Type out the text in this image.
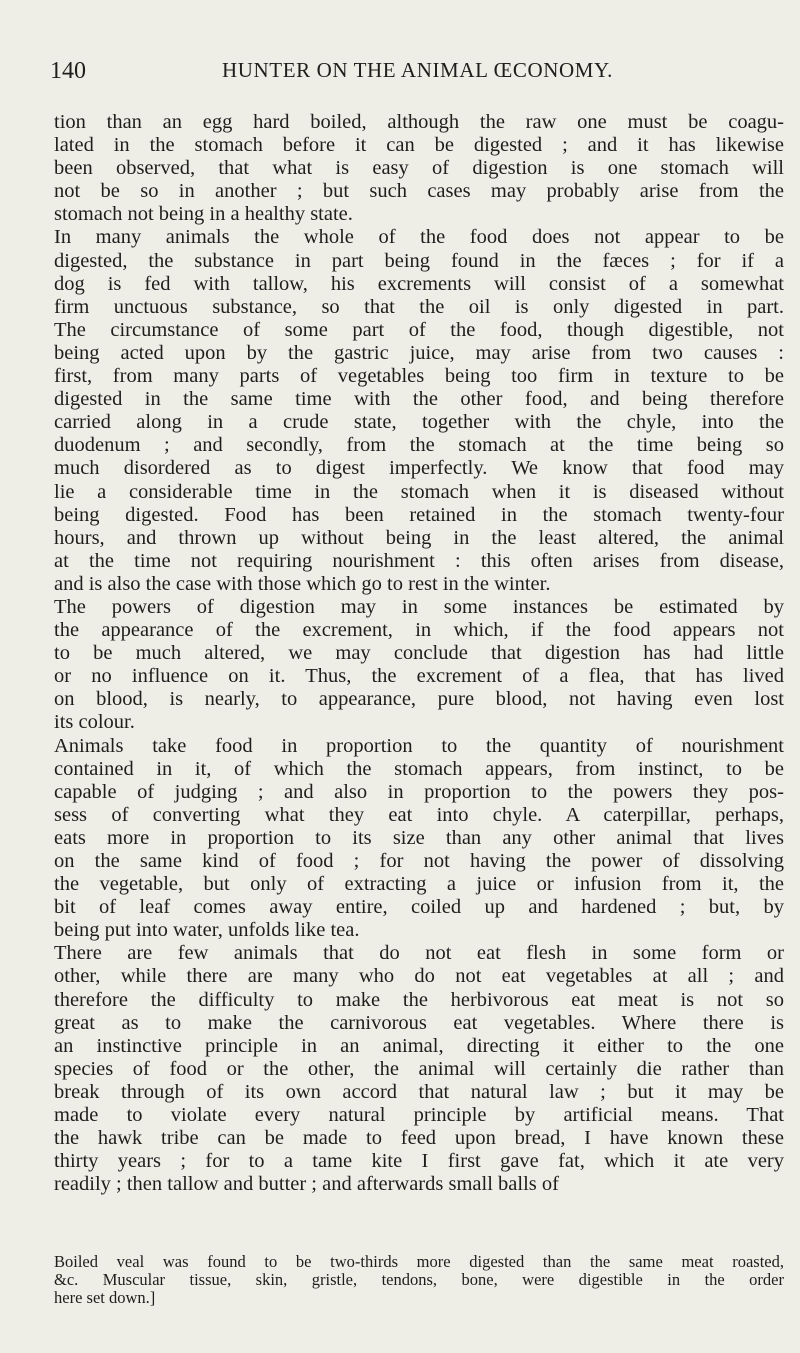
140	HUNTER ON THE ANIMAL ŒCONOMY.
tion than an egg hard boiled, although the raw one must be coagu-
lated in the stomach before it can be digested ; and it has likewise
been observed, that what is easy of digestion is one stomach will
not be so in another ; but such cases may probably arise from the
stomach not being in a healthy state.
In many animals the whole of the food does not appear to be
digested, the substance in part being found in the fæces ; for if a
dog is fed with tallow, his excrements will consist of a somewhat
firm unctuous substance, so that the oil is only digested in part.
The circumstance of some part of the food, though digestible, not
being acted upon by the gastric juice, may arise from two causes :
first, from many parts of vegetables being too firm in texture to be
digested in the same time with the other food, and being therefore
carried along in a crude state, together with the chyle, into the
duodenum ; and secondly, from the stomach at the time being so
much disordered as to digest imperfectly. We know that food may
lie a considerable time in the stomach when it is diseased without
being digested. Food has been retained in the stomach twenty-four
hours, and thrown up without being in the least altered, the animal
at the time not requiring nourishment : this often arises from disease,
and is also the case with those which go to rest in the winter.
The powers of digestion may in some instances be estimated by
the appearance of the excrement, in which, if the food appears not
to be much altered, we may conclude that digestion has had little
or no influence on it. Thus, the excrement of a flea, that has lived
on blood, is nearly, to appearance, pure blood, not having even lost
its colour.
Animals take food in proportion to the quantity of nourishment
contained in it, of which the stomach appears, from instinct, to be
capable of judging ; and also in proportion to the powers they pos-
sess of converting what they eat into chyle. A caterpillar, perhaps,
eats more in proportion to its size than any other animal that lives
on the same kind of food ; for not having the power of dissolving
the vegetable, but only of extracting a juice or infusion from it, the
bit of leaf comes away entire, coiled up and hardened ; but, by
being put into water, unfolds like tea.
There are few animals that do not eat flesh in some form or
other, while there are many who do not eat vegetables at all ; and
therefore the difficulty to make the herbivorous eat meat is not so
great as to make the carnivorous eat vegetables. Where there is
an instinctive principle in an animal, directing it either to the one
species of food or the other, the animal will certainly die rather than
break through of its own accord that natural law ; but it may be
made to violate every natural principle by artificial means. That
the hawk tribe can be made to feed upon bread, I have known these
thirty years ; for to a tame kite I first gave fat, which it ate very
readily ; then tallow and butter ; and afterwards small balls of
Boiled veal was found to be two-thirds more digested than the same meat roasted,
&c. Muscular tissue, skin, gristle, tendons, bone, were digestible in the order
here set down.]
